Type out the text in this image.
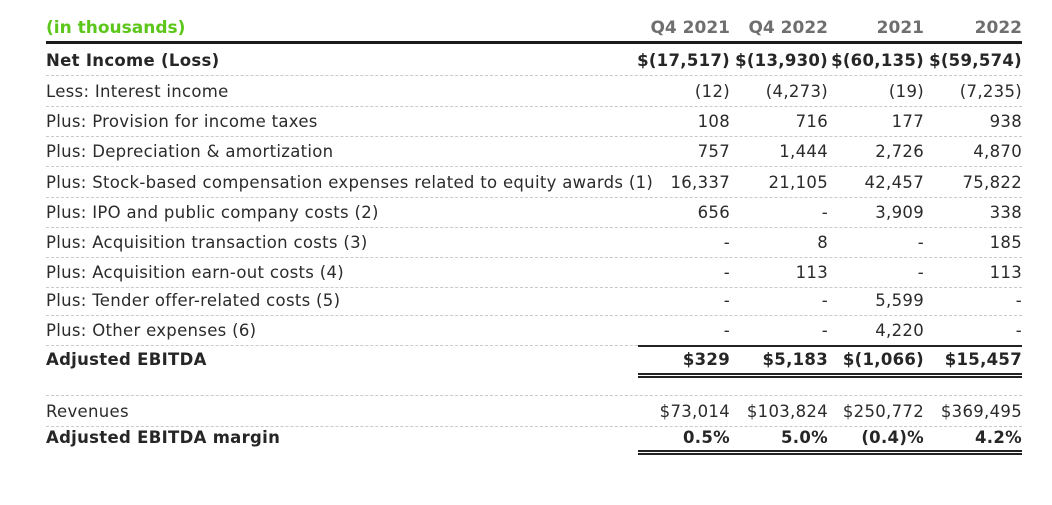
(in thousands)	Q4 2021	Q4 2022	2021	2022
Net Income (Loss)	$(17,517) $(13,930) $(60,135) $(59,574)
Less: Interest income	(12)	(4,273)	(19)	(7,235)
Plus: Provision for income taxes	108	716	177	938
Plus: Depreciation & amortization	757	1,444	2,726	4,870
Plus: Stock-based compensation expenses related to equity awards (1)	16,337	21,105	42,457	75,822
Plus: IPO and public company costs (2)	656	-	3,909	338
Plus: Acquisition transaction costs (3)	-	8	-	185
Plus: Acquisition earn-out costs (4)	-	113	-	113
Plus: Tender offer-related costs (5)	-	-	5,599	-
Plus: Other expenses (6)	-	-	4,220	-
Adjusted EBITDA	$329	$5,183 $(1,066)	$15,457
Revenues	$73,014	$103,824 $250,772	$369,495
Adjusted EBITDA margin	0.5%	5.0%	(0.4)%	4.2%
